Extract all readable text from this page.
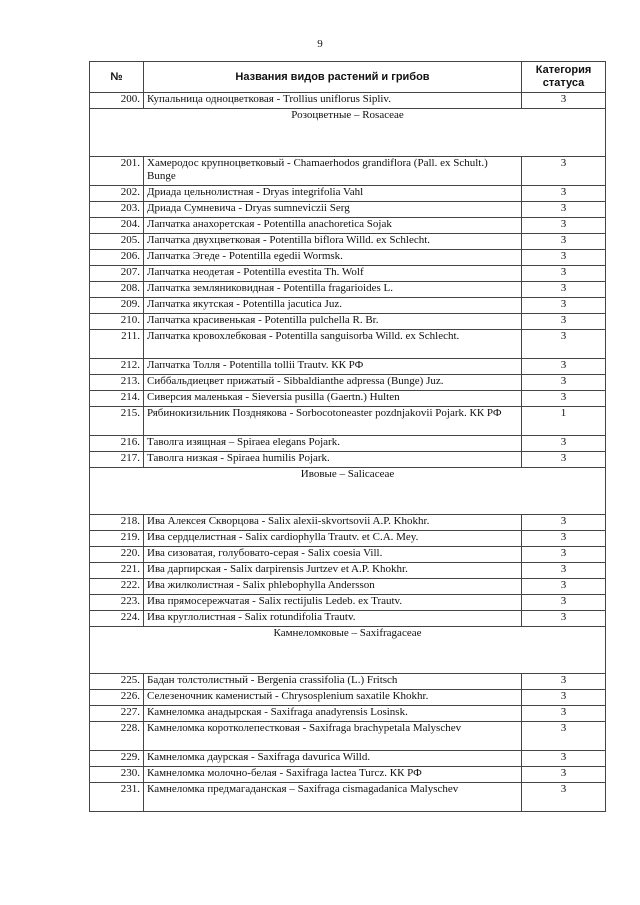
9
№	Названия видов растений и грибов	Категория статуса
200.	Купальница одноцветковая - Trollius uniflorus Sipliv.	3
Розоцветные – Rosaceae		
201.	Хамеродос крупноцветковый - Chamaerhodos grandiflora (Pall. ex Schult.) Bunge	3
202.	Дриада цельнолистная - Dryas integrifolia Vahl	3
203.	Дриада Сумневича - Dryas sumneviczii Serg	3
204.	Лапчатка анахоретская - Potentilla anachoretica Sojak	3
205.	Лапчатка двухцветковая - Potentilla biflora Willd. ex Schlecht.	3
206.	Лапчатка Эгеде - Potentilla egedii Wormsk.	3
207.	Лапчатка неодетая - Potentilla evestita Th. Wolf	3
208.	Лапчатка земляниковидная - Potentilla fragarioides L.	3
209.	Лапчатка якутская - Potentilla jacutica Juz.	3
210.	Лапчатка красивенькая - Potentilla pulchella R. Br.	3
211.	Лапчатка кровохлебковая - Potentilla sanguisorba Willd. ex Schlecht.	3
212.	Лапчатка Толля - Potentilla tollii Trautv. КК РФ	3
213.	Сиббальдиецвет прижатый - Sibbaldianthe adpressa (Bunge) Juz.	3
214.	Сиверсия маленькая - Sieversia pusilla (Gaertn.) Hulten	3
215.	Рябинокизильник Позднякова - Sorbocotoneaster pozdnjakovii Pojark. КК РФ	1
216.	Таволга изящная – Spiraea elegans Pojark.	3
217.	Таволга низкая - Spiraea humilis Pojark.	3
Ивовые – Salicaceae		
218.	Ива Алексея Скворцова - Salix alexii-skvortsovii A.P. Khokhr.	3
219.	Ива сердцелистная - Salix cardiophylla Trautv. et C.A. Mey.	3
220.	Ива сизоватая, голубовато-серая - Salix coesia Vill.	3
221.	Ива дарпирская - Salix darpirensis Jurtzev et A.P. Khokhr.	3
222.	Ива жилколистная - Salix phlebophylla Andersson	3
223.	Ива прямосережчатая - Salix rectijulis Ledeb. ex Trautv.	3
224.	Ива круглолистная - Salix rotundifolia Trautv.	3
Камнеломковые – Saxifragaceae		
225.	Бадан толстолистный - Bergenia crassifolia (L.) Fritsch	3
226.	Селезеночник каменистый - Chrysosplenium saxatile Khokhr.	3
227.	Камнеломка анадырская - Saxifraga anadyrensis Losinsk.	3
228.	Камнеломка коротколепестковая - Saxifraga brachypetala Malyschev	3
229.	Камнеломка даурская - Saxifraga davurica Willd.	3
230.	Камнеломка молочно-белая - Saxifraga lactea Turcz. КК РФ	3
231.	Камнеломка предмагаданская – Saxifraga cismagadanica Malyschev	3
